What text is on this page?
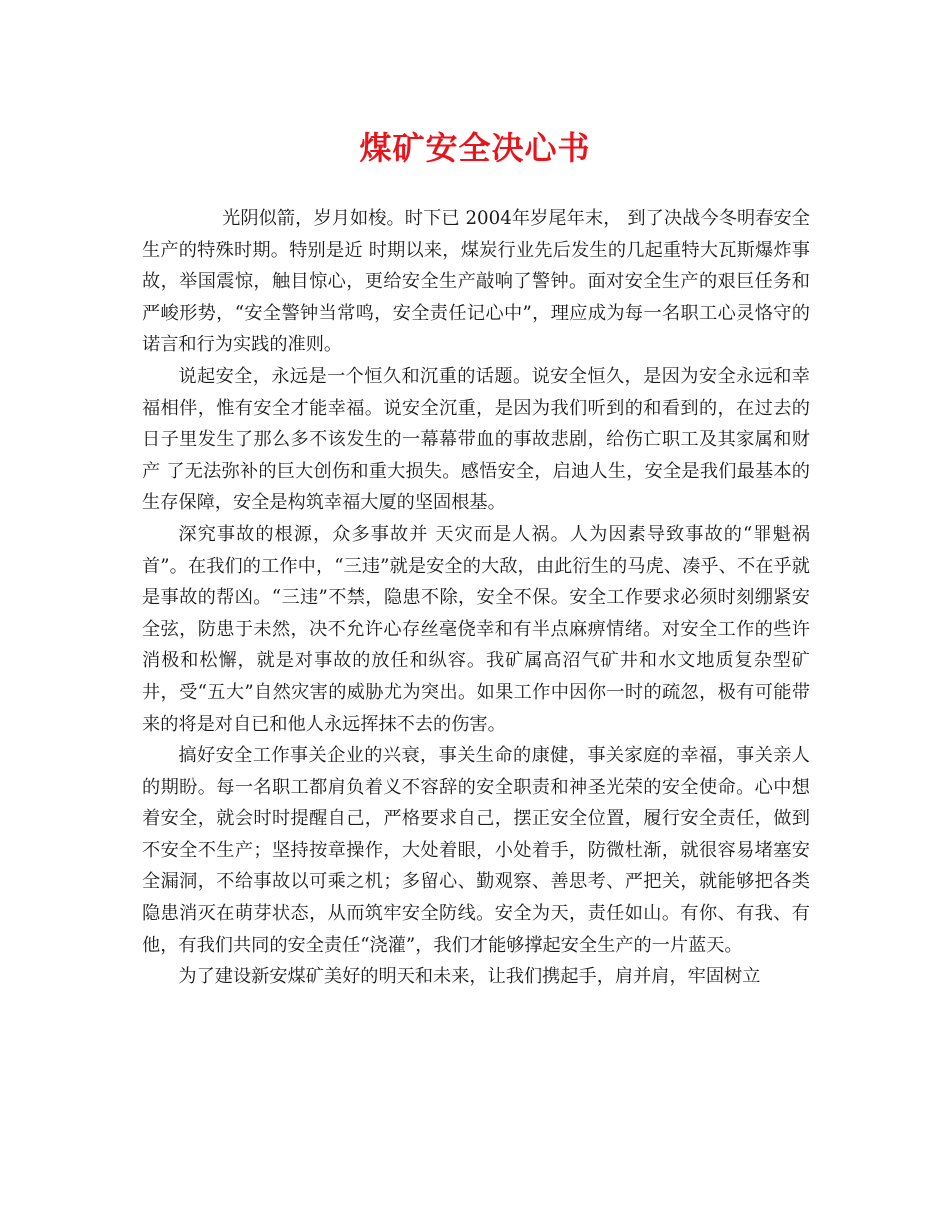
煤矿安全决心书

光阴似箭，岁月如梭。时下已 2004年岁尾年末， 到了决战今冬明春安全生产的特殊时期。特别是近 时期以来，煤炭行业先后发生的几起重特大瓦斯爆炸事故，举国震惊，触目惊心，更给安全生产敲响了警钟。面对安全生产的艰巨任务和严峻形势，“安全警钟当常鸣，安全责任记心中”，理应成为每一名职工心灵恪守的诺言和行为实践的准则。

说起安全，永远是一个恒久和沉重的话题。说安全恒久，是因为安全永远和幸福相伴，惟有安全才能幸福。说安全沉重，是因为我们听到的和看到的，在过去的日子里发生了那么多不该发生的一幕幕带血的事故悲剧，给伤亡职工及其家属和财产 了无法弥补的巨大创伤和重大损失。感悟安全，启迪人生，安全是我们最基本的生存保障，安全是构筑幸福大厦的坚固根基。

深究事故的根源，众多事故并 天灾而是人祸。人为因素导致事故的“罪魁祸首”。在我们的工作中，“三违”就是安全的大敌，由此衍生的马虎、凑乎、不在乎就是事故的帮凶。“三违”不禁，隐患不除，安全不保。安全工作要求必须时刻绷紧安全弦，防患于未然，决不允许心存丝毫侥幸和有半点麻痹情绪。对安全工作的些许消极和松懈，就是对事故的放任和纵容。我矿属高沼气矿井和水文地质复杂型矿井，受“五大”自然灾害的威胁尤为突出。如果工作中因你一时的疏忽，极有可能带来的将是对自已和他人永远挥抹不去的伤害。

搞好安全工作事关企业的兴衰，事关生命的康健，事关家庭的幸福，事关亲人的期盼。每一名职工都肩负着义不容辞的安全职责和神圣光荣的安全使命。心中想着安全，就会时时提醒自己，严格要求自己，摆正安全位置，履行安全责任，做到不安全不生产；坚持按章操作，大处着眼，小处着手，防微杜渐，就很容易堵塞安全漏洞，不给事故以可乘之机；多留心、勤观察、善思考、严把关，就能够把各类隐患消灭在萌芽状态，从而筑牢安全防线。安全为天，责任如山。有你、有我、有他，有我们共同的安全责任“浇灌”，我们才能够撑起安全生产的一片蓝天。

为了建设新安煤矿美好的明天和未来，让我们携起手，肩并肩，牢固树立
